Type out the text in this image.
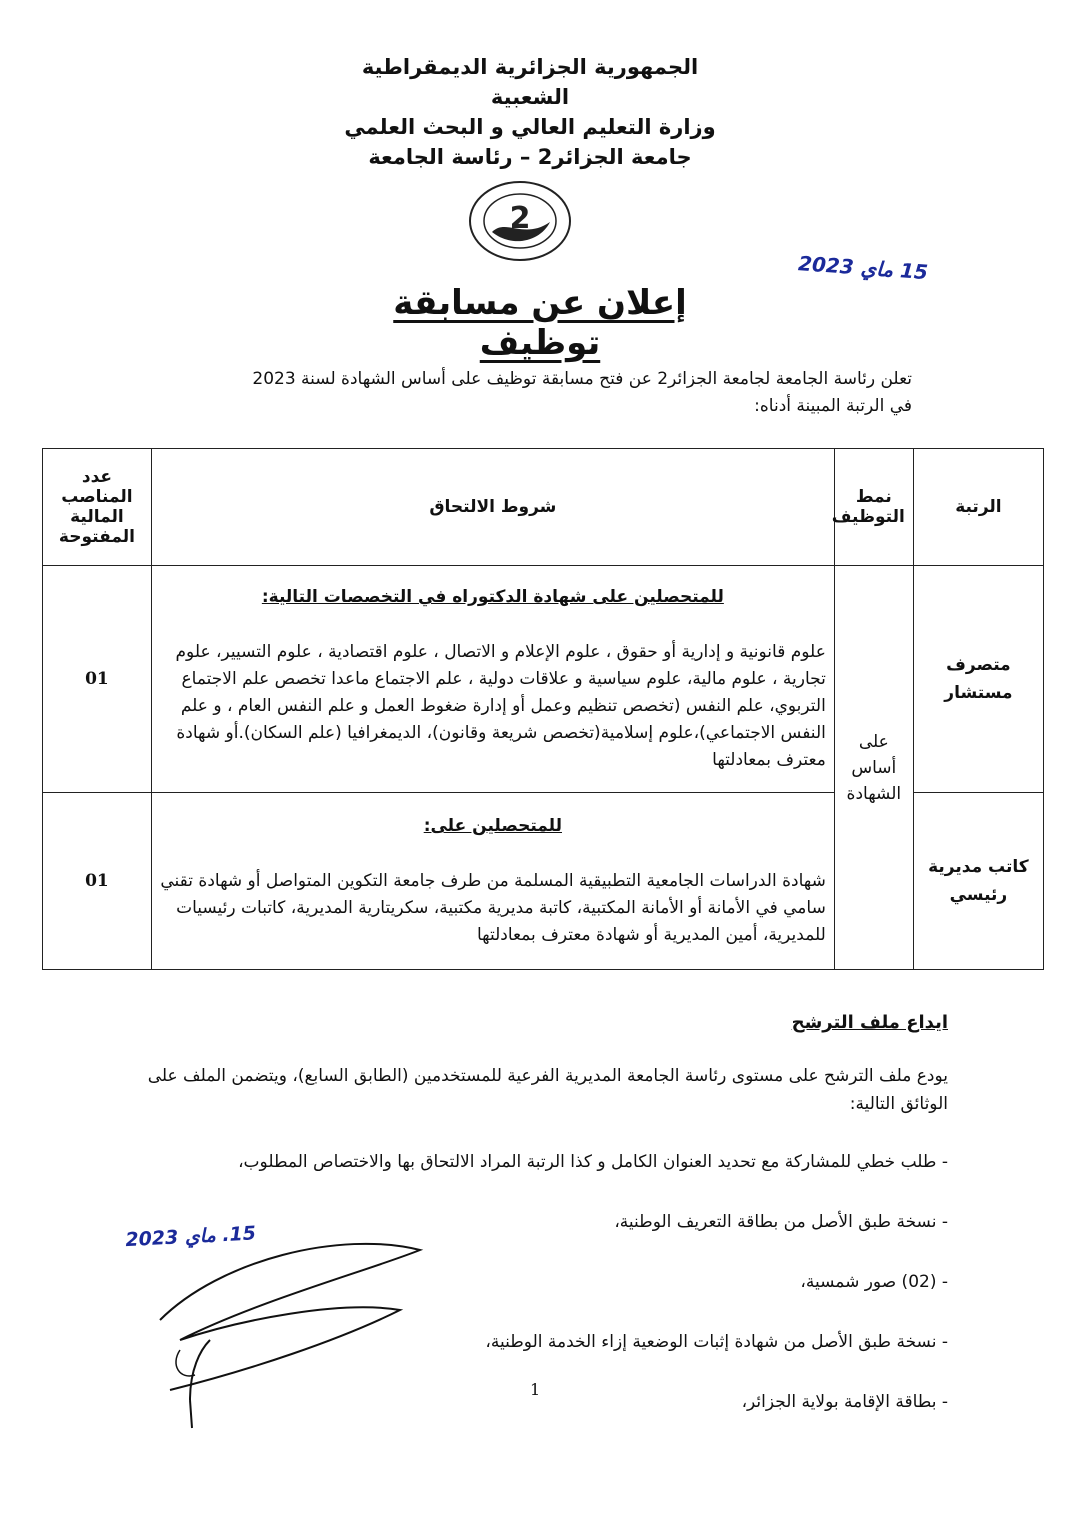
الجمهورية الجزائرية الديمقراطية الشعبية
وزارة التعليم العالي و البحث العلمي
جامعة الجزائر2 – رئاسة الجامعة
2
15 ماي 2023
إعلان عن مسابقة توظيف
تعلن رئاسة الجامعة لجامعة الجزائر2 عن فتح مسابقة توظيف على أساس الشهادة لسنة 2023
في الرتبة المبينة أدناه:
الرتبة	نمط التوظيف	شروط الالتحاق	عدد المناصب المالية المفتوحة
متصرف مستشار	على أساس الشهادة	للمتحصلين على شهادة الدكتوراه في التخصصات التالية:
علوم قانونية و إدارية أو حقوق ، علوم الإعلام و الاتصال ، علوم اقتصادية ، علوم التسيير، علوم تجارية ، علوم مالية، علوم سياسية و علاقات دولية ، علم الاجتماع ماعدا تخصص علم الاجتماع التربوي، علم النفس (تخصص تنظيم وعمل أو إدارة ضغوط العمل و علم النفس العام ، و علم النفس الاجتماعي)،علوم إسلامية(تخصص شريعة وقانون)، الديمغرافيا (علم السكان).أو شهادة معترف بمعادلتها	01
كاتب مديرية رئيسي		للمتحصلين على:
شهادة الدراسات الجامعية التطبيقية المسلمة من طرف جامعة التكوين المتواصل أو شهادة تقني سامي في الأمانة أو الأمانة المكتبية، كاتبة مديرية مكتبية، سكريتارية المديرية، كاتبات رئيسيات للمديرية، أمين المديرية أو شهادة معترف بمعادلتها	01
ايداع ملف الترشح
يودع ملف الترشح على مستوى رئاسة الجامعة المديرية الفرعية للمستخدمين (الطابق السابع)، ويتضمن الملف على الوثائق التالية:
- طلب خطي للمشاركة مع تحديد العنوان الكامل و كذا الرتبة المراد الالتحاق بها والاختصاص المطلوب،
- نسخة طبق الأصل من بطاقة التعريف الوطنية،
- (02) صور شمسية،
- نسخة طبق الأصل من شهادة إثبات الوضعية إزاء الخدمة الوطنية،
- بطاقة الإقامة بولاية الجزائر،
15. ماي 2023
1
